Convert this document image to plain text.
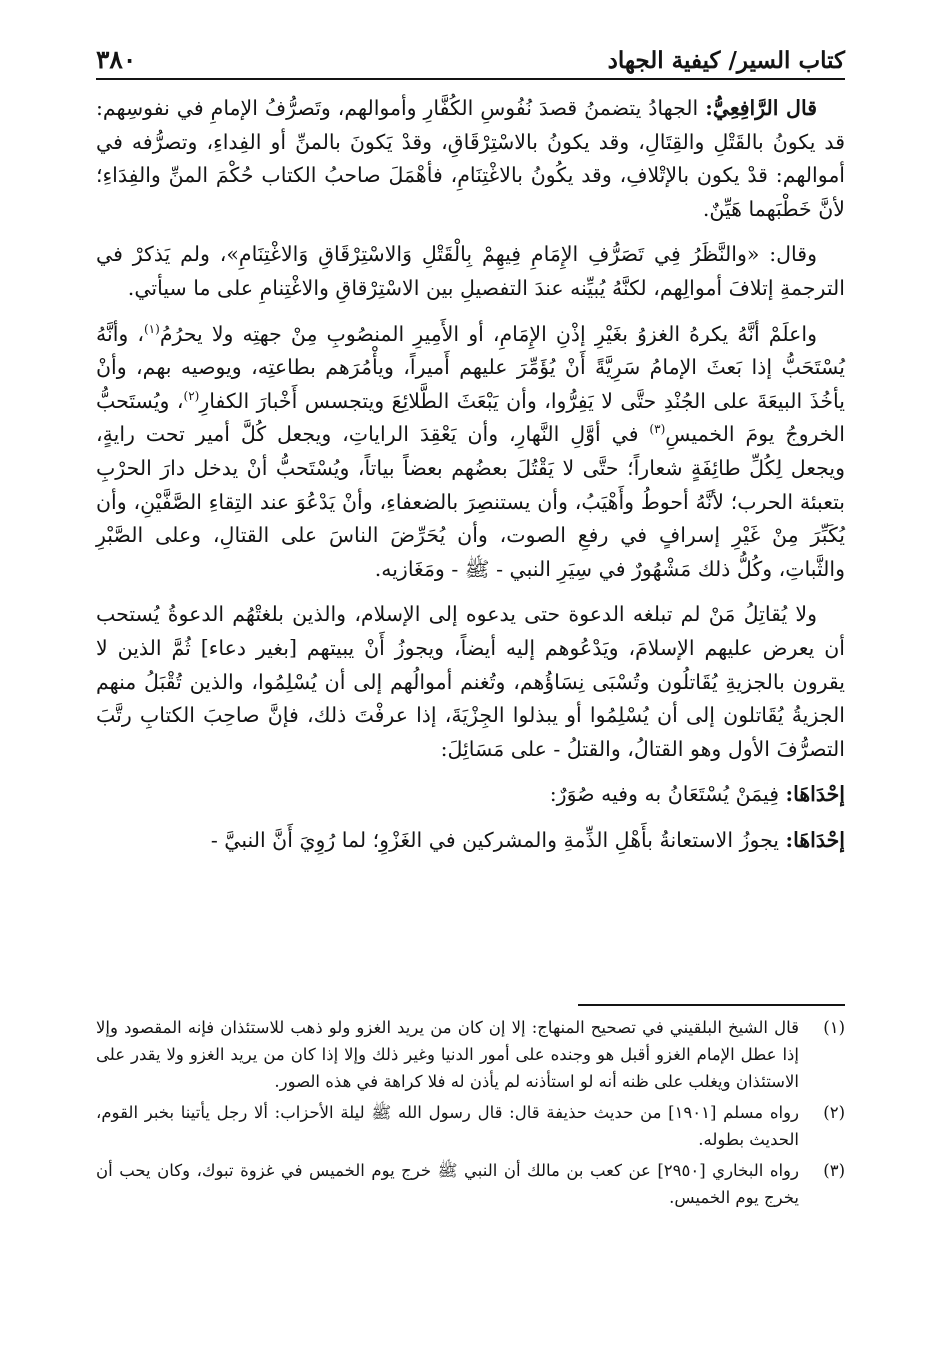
كتاب السير/ كيفية الجهاد
٣٨٠

قال الرَّافِعِيُّ: الجهادُ يتضمنُ قصدَ نُفُوسِ الكُفَّارِ وأموالهم، وتَصرُّفُ الإمامِ في نفوسِهم: قد يكونُ بالقَتْلِ والقِتَالِ، وقد يكونُ بالاسْتِرْقَاقِ، وقدْ يَكونَ بالمنِّ أو الفِداءِ، وتصرُّفه في أموالهم: قدْ يكون بالإتْلافِ، وقد يكُونُ بالاغْتِنَامِ، فأهْمَلَ صاحبُ الكتاب حُكْمَ المنِّ والفِدَاءِ؛ لأنَّ خَطْبَهما هَيِّنٌ.

وقال: «والنَّظَرُ فِي تَصَرُّفِ الإِمَامِ فِيهِمْ بِالْقَتْلِ وَالاسْتِرْقَاقِ وَالاغْتِنَامِ»، ولم يَذكرْ في الترجمةِ إتلافَ أموالِهم، لكنَّهُ يُبيِّنه عندَ التفصيلِ بين الاسْتِرْقاقِ والاغْتِنامِ على ما سيأتي.

واعلَمْ أنَّهُ يكرهُ الغزوُ بغَيْرِ إذْنِ الإِمَامِ، أو الأَمِيرِ المنصُوبِ مِنْ جهتِه ولا يحرُمُ$^{(١)}$، وأنَّهُ يُسْتَحَبُّ إذا بَعثَ الإمامُ سَرِيَّةً أَنْ يُؤَمِّرَ عليهم أَميراً، ويأْمُرَهم بطاعتِه، ويوصيه بهم، وأنْ يأخُذَ البيعَةَ على الجُنْدِ حتَّى لا يَفِرُّوا، وأن يَبْعَثَ الطَّلائِعَ ويتجسس أَخْبارَ الكفارِ$^{(٢)}$، ويُستَحبُّ الخروجُ يومَ الخميسِ$^{(٣)}$ في أوَّلِ النَّهارِ، وأن يَعْقِدَ الراياتِ، ويجعل كُلَّ أمير تحت رايةٍ، ويجعل لِكُلِّ طائِفَةٍ شعاراً؛ حتَّى لا يَقْتُلَ بعضُهم بعضاً بياتاً، ويُسْتَحبُّ أنْ يدخل دارَ الحرْبِ بتعبئة الحرب؛ لأنَّهُ أحوطُ وأَهْيَبُ، وأن يستنصِرَ بالضعفاءِ، وأنْ يَدْعُوَ عند التِقاءِ الصَّفَّيْنِ، وأن يُكَبِّرَ مِنْ غَيْرِ إسرافٍ في رفعِ الصوت، وأن يُحَرِّضَ الناسَ على القتالِ، وعلى الصَّبْرِ والثَّباتِ، وكُلُّ ذلك مَشْهُورٌ في سِيَرِ النبي - ﷺ - ومَغَازيه.

ولا يُقاتِلُ مَنْ لم تبلغه الدعوة حتى يدعوه إلى الإسلام، والذين بلغتْهُم الدعوةُ يُستحب أن يعرض عليهم الإسلامَ، ويَدْعُوهم إليه أيضاً، ويجوزُ أَنْ يبيتهم [بغير دعاء] ثُمَّ الذين لا يقرون بالجزيةِ يُقَاتلُون وتُسْبَى نِسَاؤُهم، وتُغنم أموالُهم إلى أن يُسْلِمُوا، والذين تُقْبَلُ منهم الجزيةُ يُقَاتلون إلى أن يُسْلِمُوا أو يبذلوا الجِزْيَةَ، إذا عرفْتَ ذلك، فإنَّ صاحِبَ الكتابِ رتَّبَ التصرُّفَ الأول وهو القتالُ، والقتلُ - على مَسَائِلَ:

إحْدَاهَا: فِيمَنْ يُسْتَعَانُ به وفيه صُوَرٌ:

إحْدَاهَا: يجوزُ الاستعانةُ بأَهْلِ الذِّمةِ والمشركين في الغَزْوِ؛ لما رُوِيَ أَنَّ النبيَّ -

(١)
قال الشيخ البلقيني في تصحيح المنهاج: إلا إن كان من يريد الغزو ولو ذهب للاستئذان فإنه المقصود وإلا إذا عطل الإمام الغزو أقبل هو وجنده على أمور الدنيا وغير ذلك وإلا إذا كان من يريد الغزو ولا يقدر على الاستئذان ويغلب على ظنه أنه لو استأذنه لم يأذن له فلا كراهة في هذه الصور.
(٢)
رواه مسلم [١٩٠١] من حديث حذيفة قال: قال رسول الله ﷺ ليلة الأحزاب: ألا رجل يأتينا بخبر القوم، الحديث بطوله.
(٣)
رواه البخاري [٢٩٥٠] عن كعب بن مالك أن النبي ﷺ خرج يوم الخميس في غزوة تبوك، وكان يحب أن يخرج يوم الخميس.
